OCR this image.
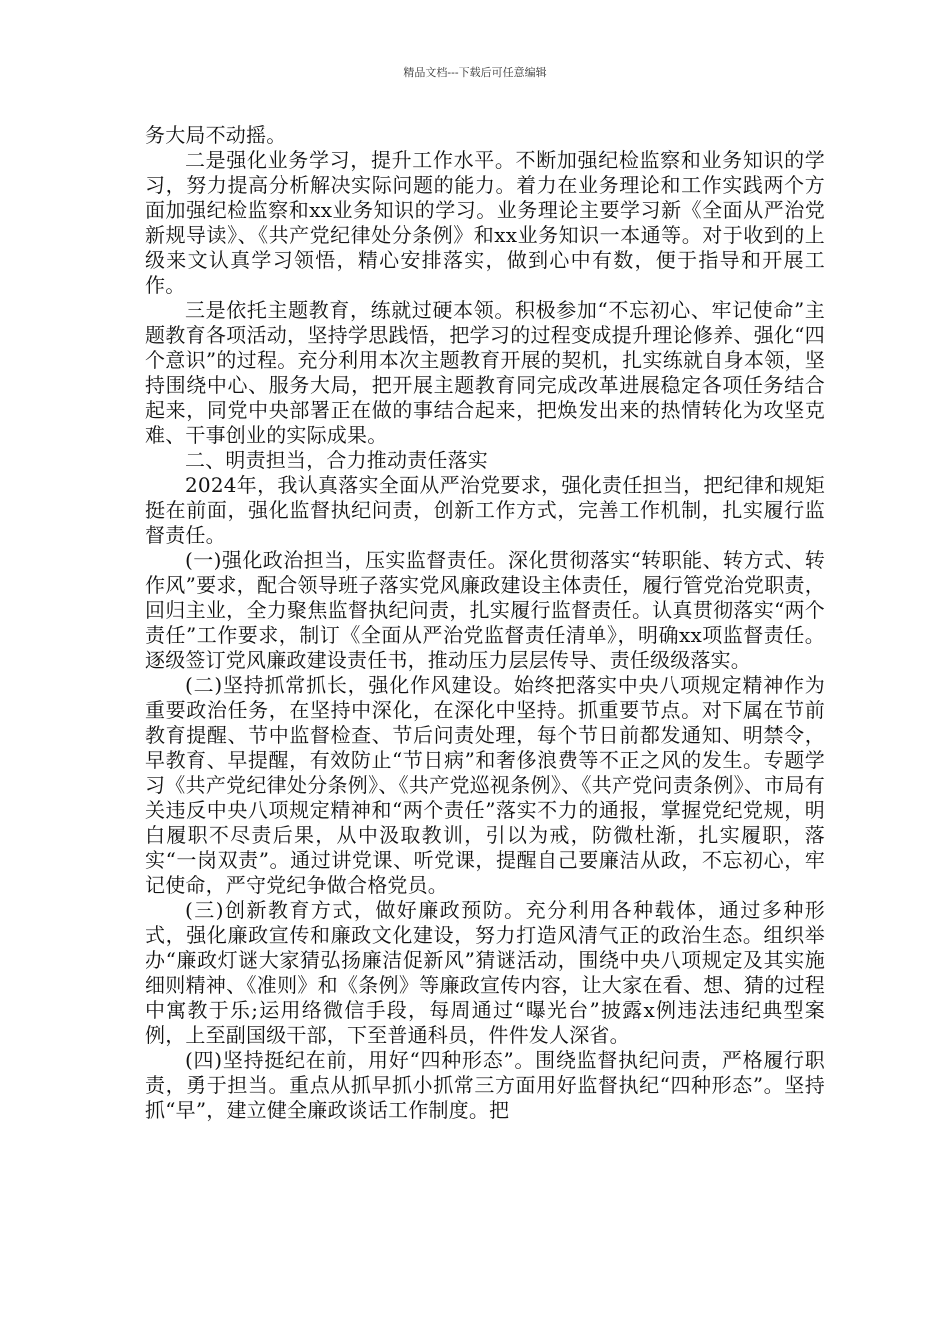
精品文档---下载后可任意编辑

务大局不动摇。

二是强化业务学习，提升工作水平。不断加强纪检监察和业务知识的学习，努力提高分析解决实际问题的能力。着力在业务理论和工作实践两个方面加强纪检监察和xx业务知识的学习。业务理论主要学习新《全面从严治党新规导读》、《共产党纪律处分条例》和xx业务知识一本通等。对于收到的上级来文认真学习领悟，精心安排落实，做到心中有数，便于指导和开展工作。

三是依托主题教育，练就过硬本领。积极参加“不忘初心、牢记使命”主题教育各项活动，坚持学思践悟，把学习的过程变成提升理论修养、强化“四个意识”的过程。充分利用本次主题教育开展的契机，扎实练就自身本领，坚持围绕中心、服务大局，把开展主题教育同完成改革进展稳定各项任务结合起来，同党中央部署正在做的事结合起来，把焕发出来的热情转化为攻坚克难、干事创业的实际成果。

二、明责担当，合力推动责任落实

2024年，我认真落实全面从严治党要求，强化责任担当，把纪律和规矩挺在前面，强化监督执纪问责，创新工作方式，完善工作机制，扎实履行监督责任。

(一)强化政治担当，压实监督责任。深化贯彻落实“转职能、转方式、转作风”要求，配合领导班子落实党风廉政建设主体责任，履行管党治党职责，回归主业，全力聚焦监督执纪问责，扎实履行监督责任。认真贯彻落实“两个责任”工作要求，制订《全面从严治党监督责任清单》，明确xx项监督责任。逐级签订党风廉政建设责任书，推动压力层层传导、责任级级落实。

(二)坚持抓常抓长，强化作风建设。始终把落实中央八项规定精神作为重要政治任务，在坚持中深化，在深化中坚持。抓重要节点。对下属在节前教育提醒、节中监督检查、节后问责处理，每个节日前都发通知、明禁令，早教育、早提醒，有效防止“节日病”和奢侈浪费等不正之风的发生。专题学习《共产党纪律处分条例》、《共产党巡视条例》、《共产党问责条例》、市局有关违反中央八项规定精神和“两个责任”落实不力的通报，掌握党纪党规，明白履职不尽责后果，从中汲取教训，引以为戒，防微杜渐，扎实履职，落实“一岗双责”。通过讲党课、听党课，提醒自己要廉洁从政，不忘初心，牢记使命，严守党纪争做合格党员。

(三)创新教育方式，做好廉政预防。充分利用各种载体，通过多种形式，强化廉政宣传和廉政文化建设，努力打造风清气正的政治生态。组织举办“廉政灯谜大家猜弘扬廉洁促新风”猜谜活动，围绕中央八项规定及其实施细则精神、《准则》和《条例》等廉政宣传内容，让大家在看、想、猜的过程中寓教于乐;运用络微信手段，每周通过“曝光台”披露x例违法违纪典型案例，上至副国级干部，下至普通科员，件件发人深省。

(四)坚持挺纪在前，用好“四种形态”。围绕监督执纪问责，严格履行职责，勇于担当。重点从抓早抓小抓常三方面用好监督执纪“四种形态”。坚持抓“早”，建立健全廉政谈话工作制度。把
